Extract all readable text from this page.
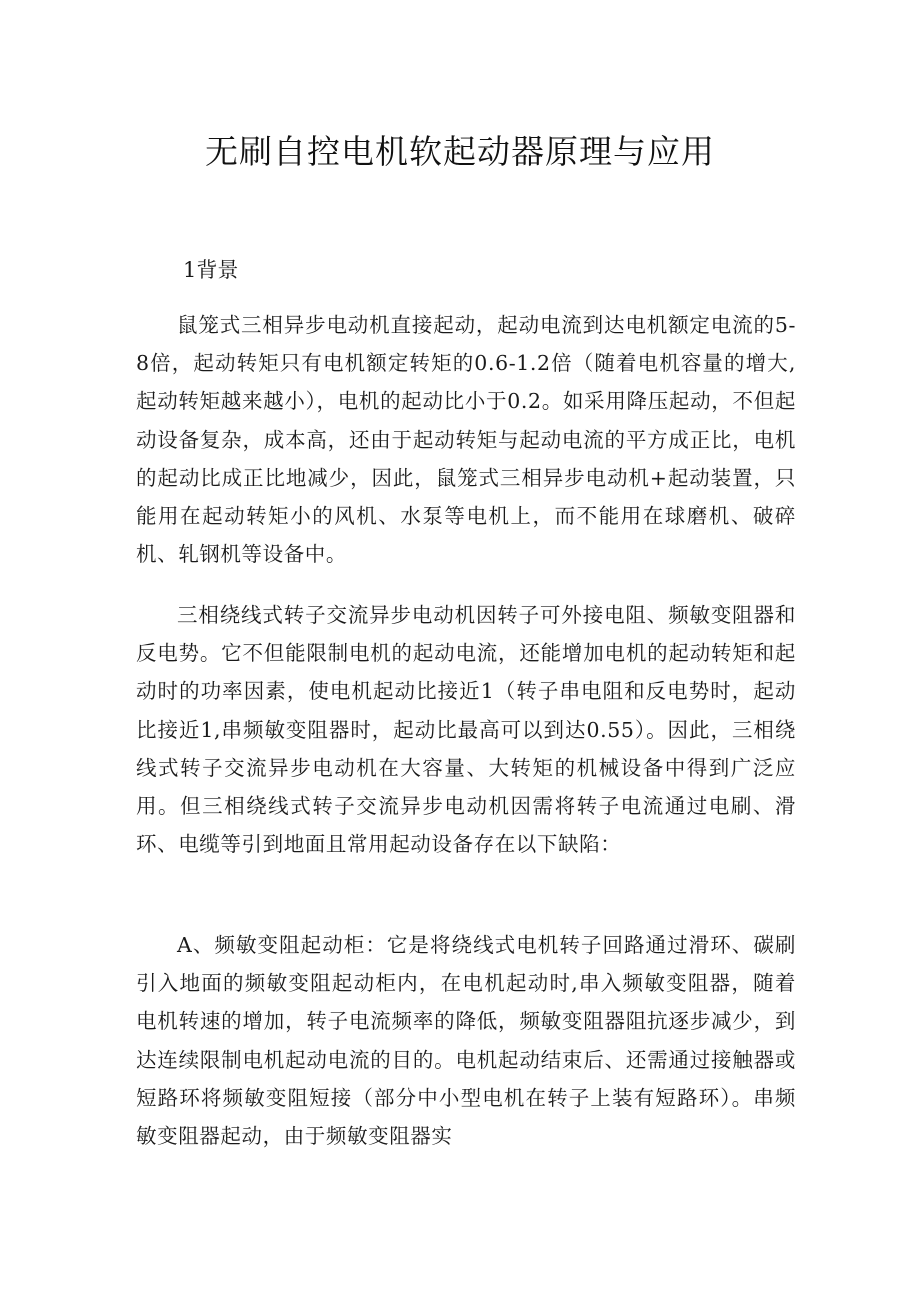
无刷自控电机软起动器原理与应用
1背景

鼠笼式三相异步电动机直接起动，起动电流到达电机额定电流的5-8倍，起动转矩只有电机额定转矩的0.6-1.2倍（随着电机容量的增大,起动转矩越来越小），电机的起动比小于0.2。如采用降压起动，不但起动设备复杂，成本高，还由于起动转矩与起动电流的平方成正比，电机的起动比成正比地减少，因此，鼠笼式三相异步电动机+起动装置，只能用在起动转矩小的风机、水泵等电机上，而不能用在球磨机、破碎机、轧钢机等设备中。

三相绕线式转子交流异步电动机因转子可外接电阻、频敏变阻器和反电势。它不但能限制电机的起动电流，还能增加电机的起动转矩和起动时的功率因素，使电机起动比接近1（转子串电阻和反电势时，起动比接近1,串频敏变阻器时，起动比最高可以到达0.55）。因此，三相绕线式转子交流异步电动机在大容量、大转矩的机械设备中得到广泛应用。但三相绕线式转子交流异步电动机因需将转子电流通过电刷、滑环、电缆等引到地面且常用起动设备存在以下缺陷：

A、频敏变阻起动柜：它是将绕线式电机转子回路通过滑环、碳刷引入地面的频敏变阻起动柜内，在电机起动时,串入频敏变阻器，随着电机转速的增加，转子电流频率的降低，频敏变阻器阻抗逐步减少，到达连续限制电机起动电流的目的。电机起动结束后、还需通过接触器或短路环将频敏变阻短接（部分中小型电机在转子上装有短路环）。串频敏变阻器起动，由于频敏变阻器实
